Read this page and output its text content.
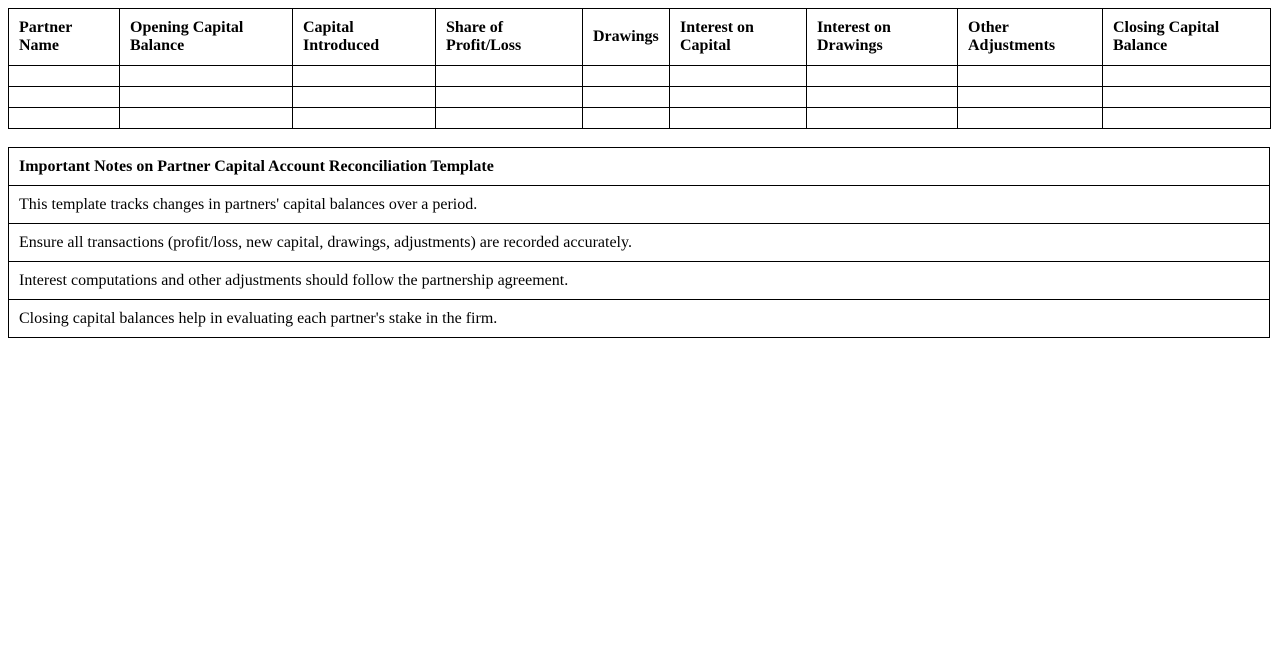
Partner Name	Opening Capital Balance	Capital Introduced	Share of Profit/Loss	Drawings	Interest on Capital	Interest on Drawings	Other Adjustments	Closing Capital Balance

Important Notes on Partner Capital Account Reconciliation Template
This template tracks changes in partners' capital balances over a period.
Ensure all transactions (profit/loss, new capital, drawings, adjustments) are recorded accurately.
Interest computations and other adjustments should follow the partnership agreement.
Closing capital balances help in evaluating each partner's stake in the firm.
